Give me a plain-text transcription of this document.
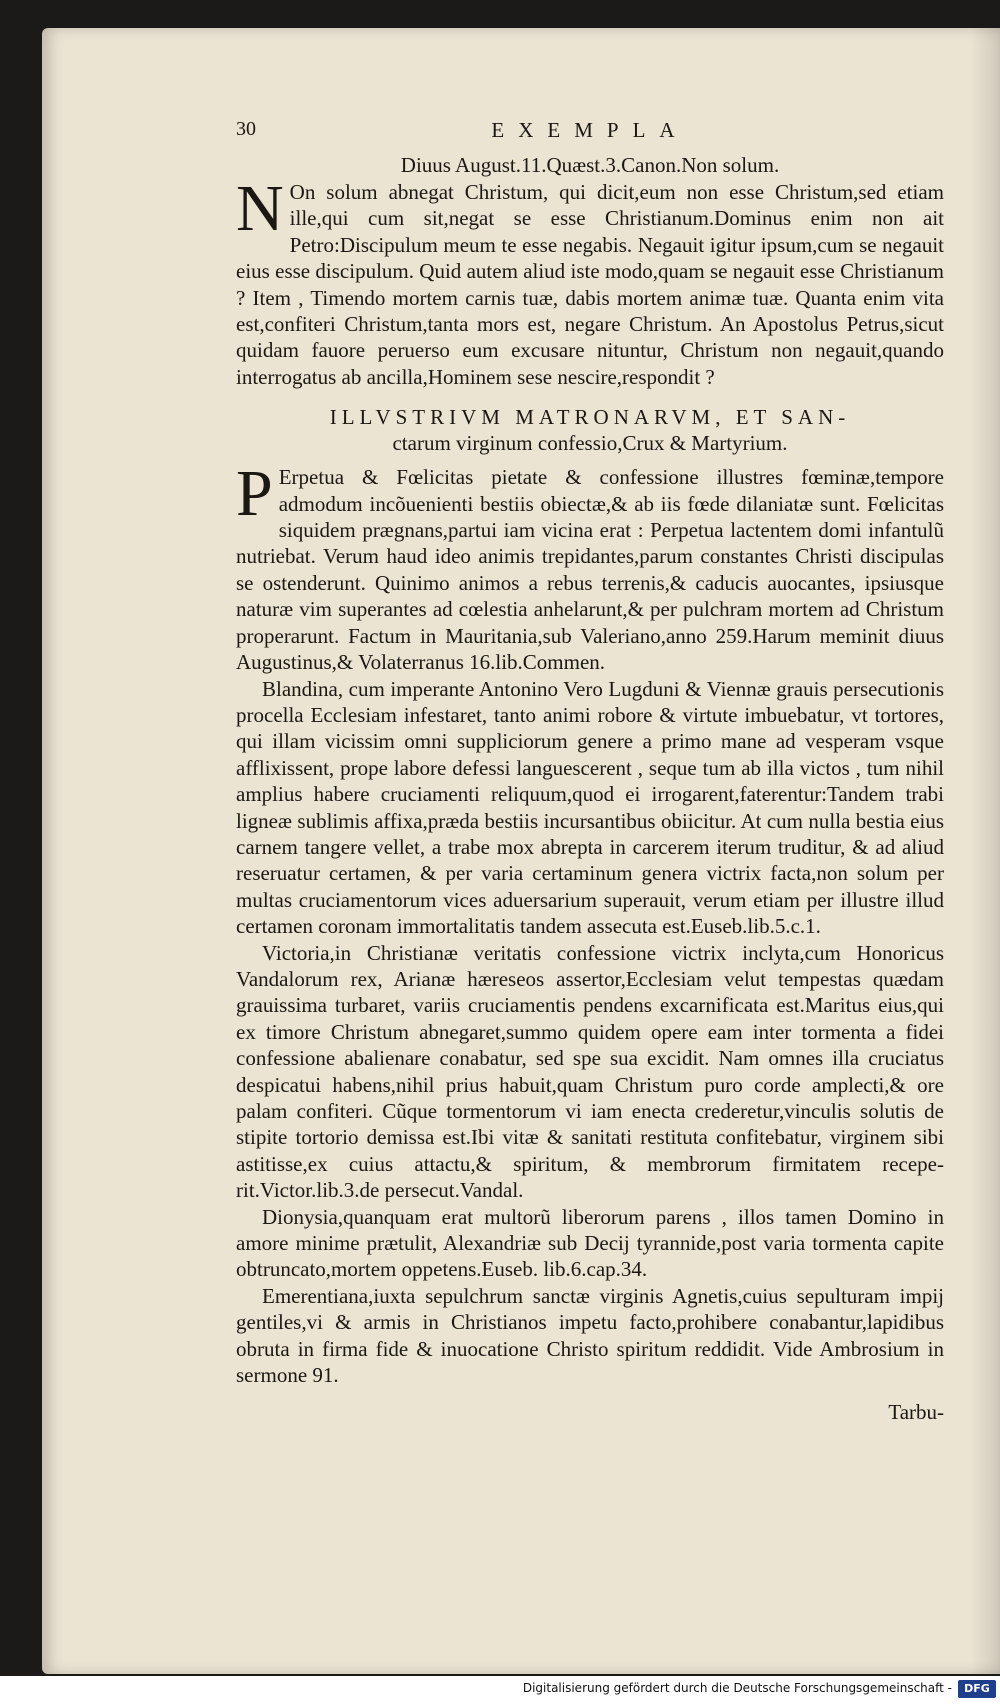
30	EXEMPLA
Diuus August.11.Quæst.3.Canon.Non solum.

N On solum abnegat Christum, qui dicit,eum non esse Christum,sed etiam ille,qui cum sit,negat se esse Christianum.Dominus enim non ait Petro:Discipulum meum te esse negabis. Negauit igitur ipsum,cum se negauit eius esse discipulum. Quid autem aliud iste modo,quam se negauit esse Christianum ? Item , Timendo mortem carnis tuæ, dabis mortem animæ tuæ. Quanta enim vita est,confiteri Christum,tanta mors est, negare Christum. An Apostolus Petrus,sicut quidam fauore peruerso eum excusare nituntur, Christum non negauit,quando interrogatus ab ancilla,Hominem sese nescire,respondit ?

ILLVSTRIVM MATRONARVM, ET SAN-
ctarum virginum confessio,Crux & Martyrium.

P Erpetua & Fœlicitas pietate & confessione illustres fœminæ,tempore admodum incõuenienti bestiis obiectæ,& ab iis fœde dilaniatæ sunt. Fœlicitas siquidem prægnans,partui iam vicina erat : Perpetua lactentem domi infantulũ nutriebat. Verum haud ideo animis trepidantes,parum constantes Christi discipulas se ostenderunt. Quinimo animos a rebus terrenis,& caducis auocantes, ipsiusque naturæ vim superantes ad cœlestia anhelarunt,& per pulchram mortem ad Christum properarunt. Factum in Mauritania,sub Valeriano,anno 259.Harum meminit diuus Augustinus,& Volaterranus 16.lib.Commen.

Blandina, cum imperante Antonino Vero Lugduni & Viennæ grauis persecutionis procella Ecclesiam infestaret, tanto animi robore & virtute imbuebatur, vt tortores, qui illam vicissim omni suppliciorum genere a primo mane ad vesperam vsque afflixissent, prope labore defessi languescerent , seque tum ab illa victos , tum nihil amplius habere cruciamenti reliquum,quod ei irrogarent,faterentur:Tandem trabi ligneæ sublimis affixa,præda bestiis incursantibus obiicitur. At cum nulla bestia eius carnem tangere vellet, a trabe mox abrepta in carcerem iterum truditur, & ad aliud reseruatur certamen, & per varia certaminum genera victrix facta,non solum per multas cruciamentorum vices aduersarium superauit, verum etiam per illustre illud certamen coronam immortalitatis tandem assecuta est.Euseb.lib.5.c.1.

Victoria,in Christianæ veritatis confessione victrix inclyta,cum Honoricus Vandalorum rex, Arianæ hæreseos assertor,Ecclesiam velut tempestas quædam grauissima turbaret, variis cruciamentis pendens excarnificata est.Maritus eius,qui ex timore Christum abnegaret,summo quidem opere eam inter tormenta a fidei confessione abalienare conabatur, sed spe sua excidit. Nam omnes illa cruciatus despicatui habens,nihil prius habuit,quam Christum puro corde amplecti,& ore palam confiteri. Cũque tormentorum vi iam enecta crederetur,vinculis solutis de stipite tortorio demissa est.Ibi vitæ & sanitati restituta confitebatur, virginem sibi astitisse,ex cuius attactu,& spiritum, & membrorum firmitatem recepe-rit.Victor.lib.3.de persecut.Vandal.

Dionysia,quanquam erat multorũ liberorum parens , illos tamen Domino in amore minime prætulit, Alexandriæ sub Decij tyrannide,post varia tormenta capite obtruncato,mortem oppetens.Euseb. lib.6.cap.34.

Emerentiana,iuxta sepulchrum sanctæ virginis Agnetis,cuius sepulturam impij gentiles,vi & armis in Christianos impetu facto,prohibere conabantur,lapidibus obruta in firma fide & inuocatione Christo spiritum reddidit. Vide Ambrosium in sermone 91.

Tarbu-
Digitalisierung gefördert durch die Deutsche Forschungsgemeinschaft -	DFG
